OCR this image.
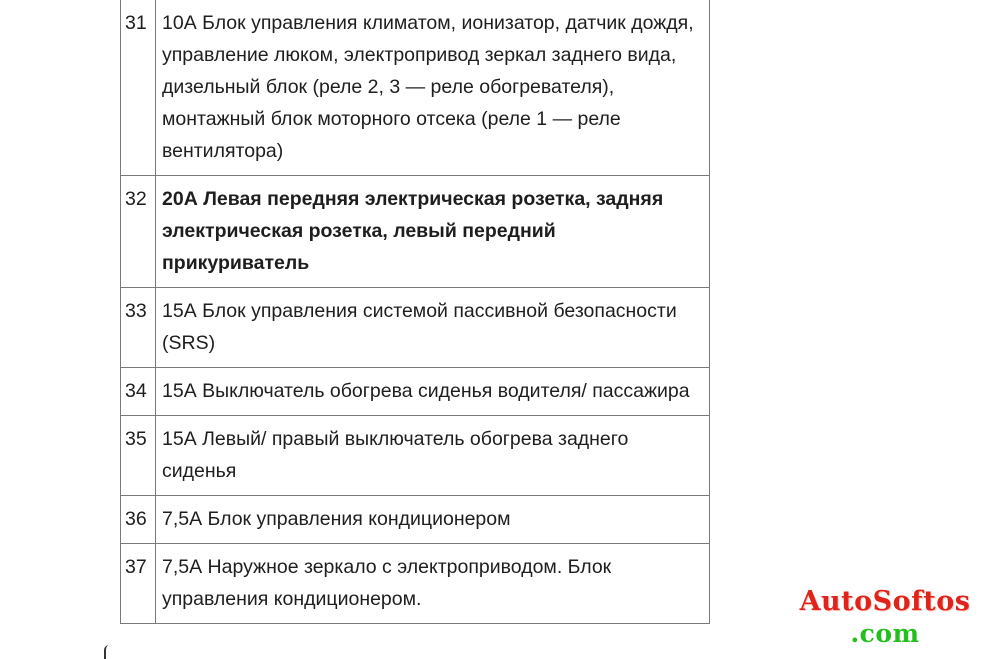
31	10А Блок управления климатом, ионизатор, датчик дождя, управление люком, электропривод зеркал заднего вида, дизельный блок (реле 2, 3 — реле обогревателя), монтажный блок моторного отсека (реле 1 — реле вентилятора)
32	20А Левая передняя электрическая розетка, задняя электрическая розетка, левый передний прикуриватель
33	15А Блок управления системой пассивной безопасности (SRS)
34	15А Выключатель обогрева сиденья водителя/ пассажира
35	15А Левый/ правый выключатель обогрева заднего сиденья
36	7,5А Блок управления кондиционером
37	7,5А Наружное зеркало с электроприводом. Блок управления кондиционером.	AutoSoftos
.com
